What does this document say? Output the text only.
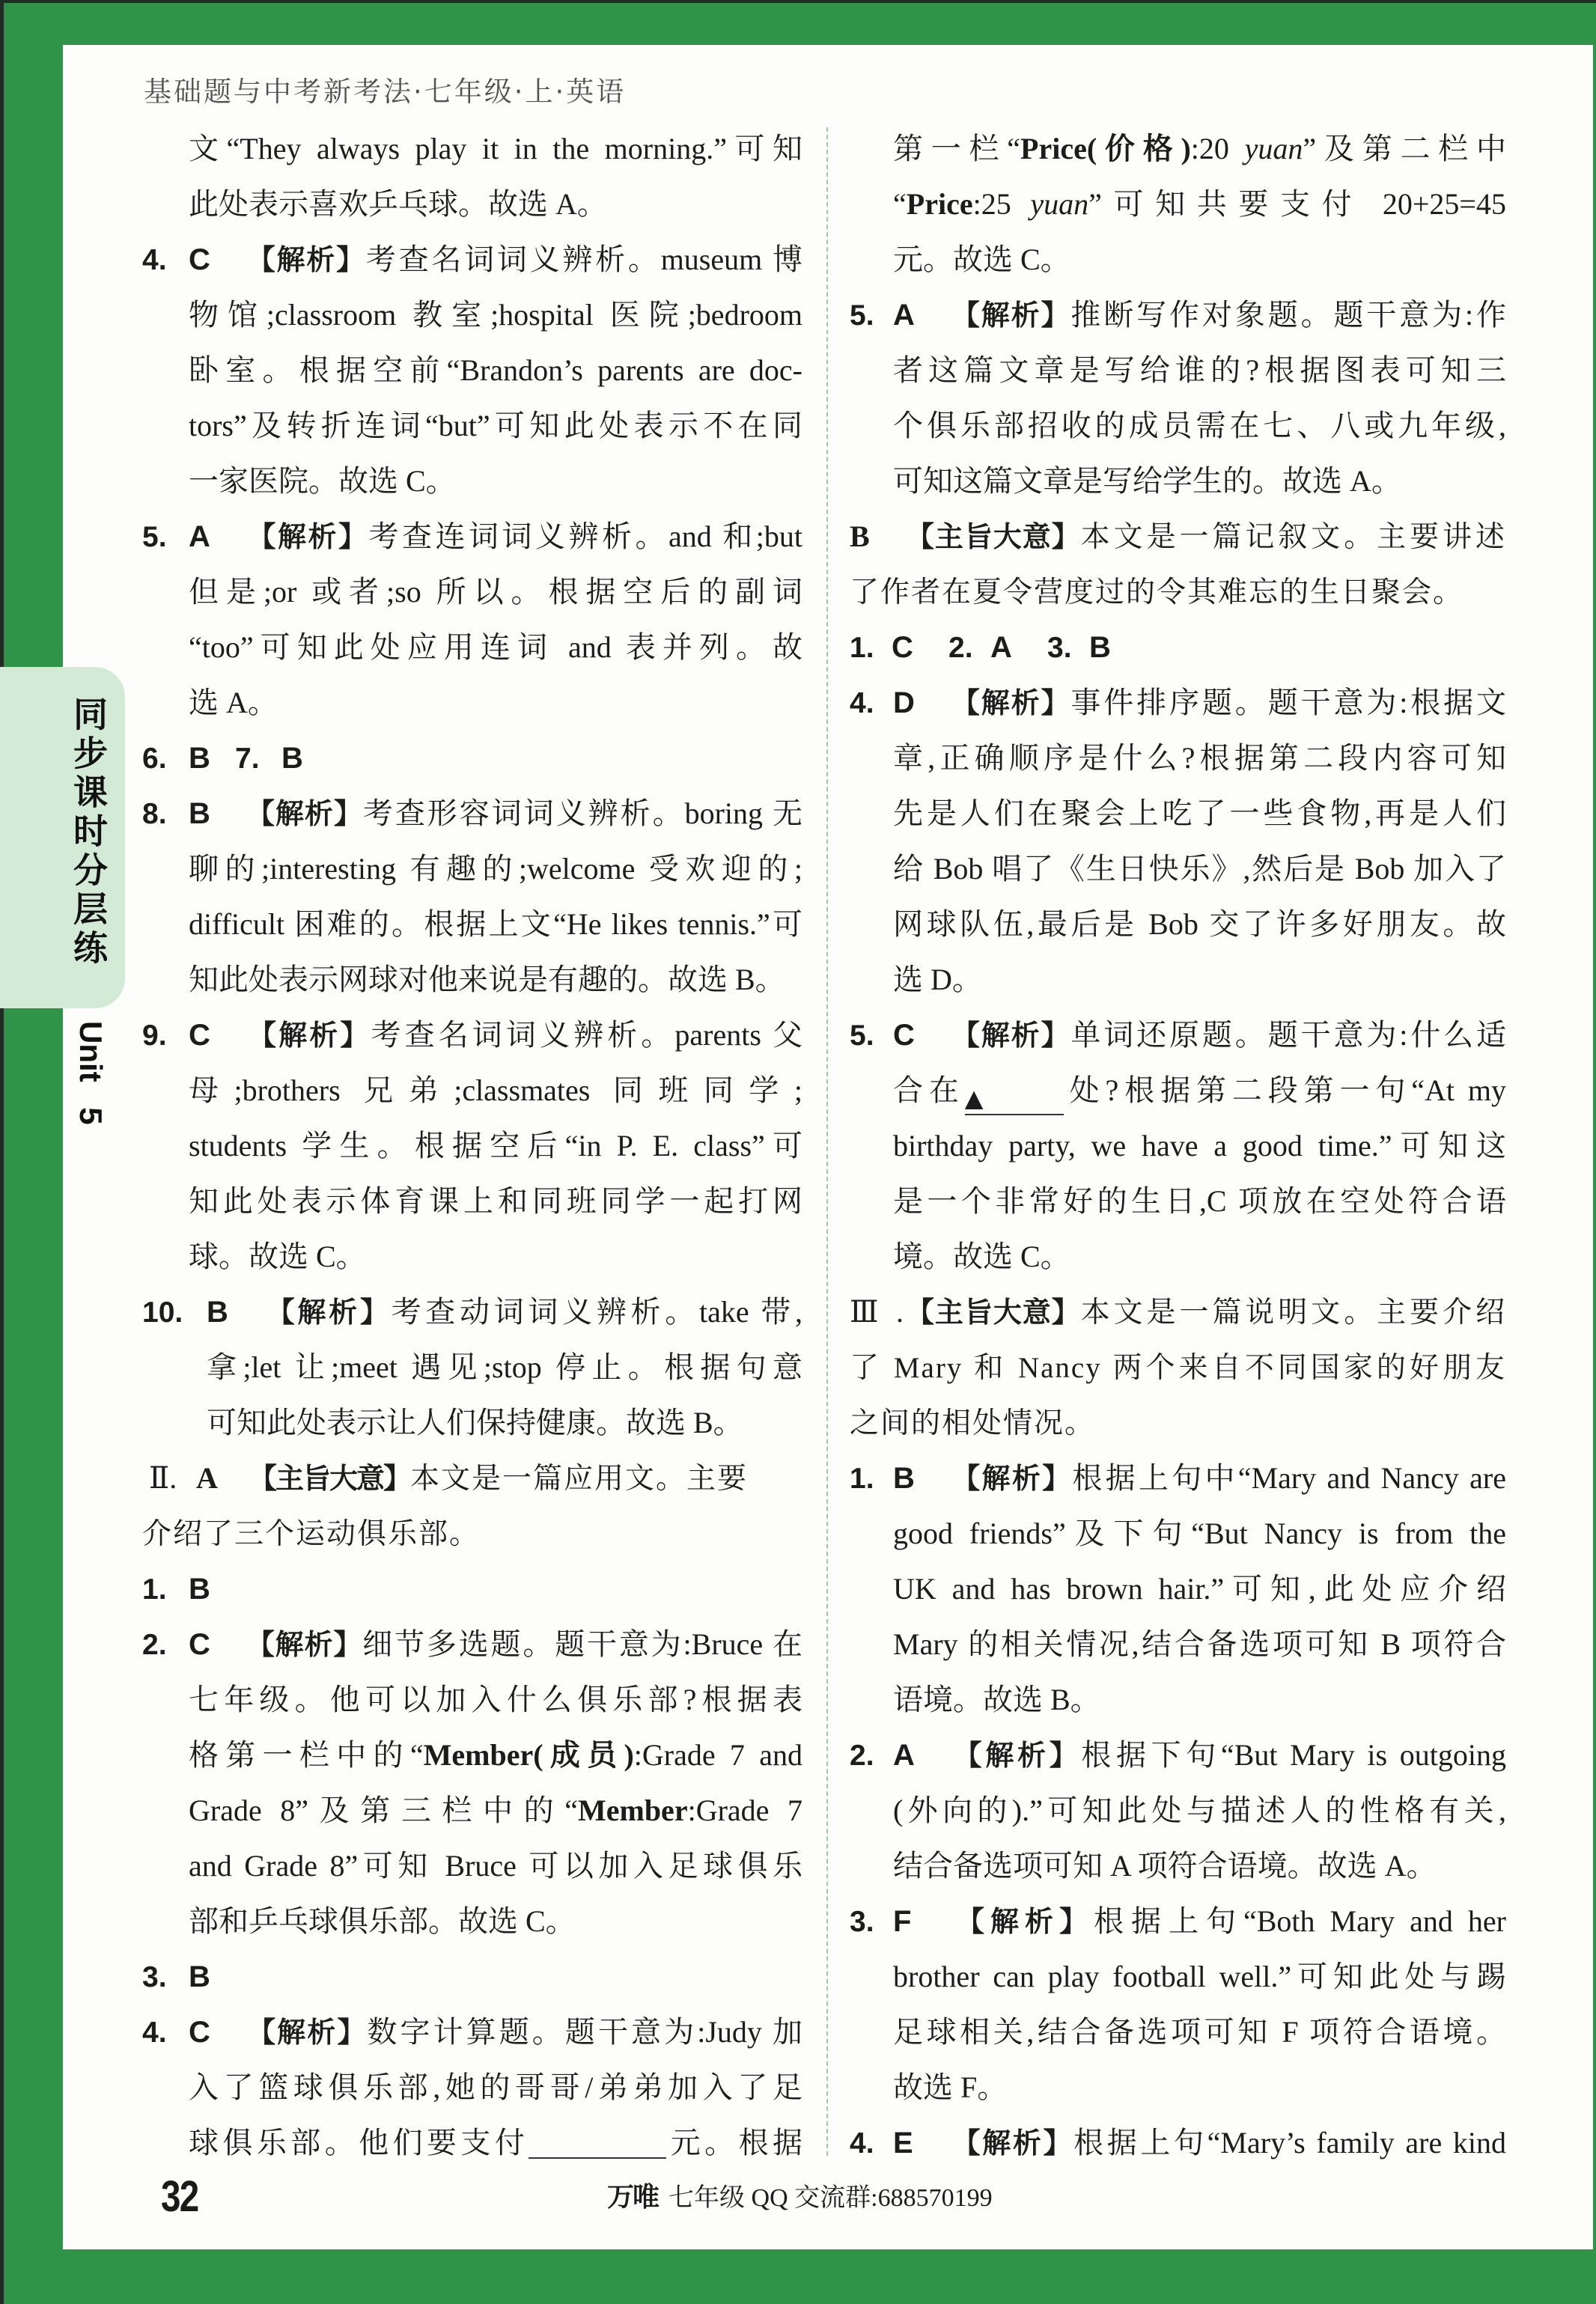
基础题与中考新考法·七年级·上·英语
同步课时分层练
Unit 5
文“They always play it in the morning.”可知
此处表示喜欢乒乓球。故选 A。
4. C 【解析】考查名词词义辨析。museum 博
物馆;classroom 教室;hospital 医院;bedroom
卧室。根据空前“Brandon’s parents are doc-
tors”及转折连词“but”可知此处表示不在同
一家医院。故选 C。
5. A 【解析】考查连词词义辨析。and 和;but
但是;or 或者;so 所以。根据空后的副词
“too”可知此处应用连词 and 表并列。故
选 A。
6. B 7. B
8. B 【解析】考查形容词词义辨析。boring 无
聊的;interesting 有趣的;welcome 受欢迎的;
difficult 困难的。根据上文“He likes tennis.”可
知此处表示网球对他来说是有趣的。故选 B。
9. C 【解析】考查名词词义辨析。parents 父
母;brothers 兄弟;classmates 同班同学;
students 学生。根据空后“in P. E. class”可
知此处表示体育课上和同班同学一起打网
球。故选 C。
10. B 【解析】考查动词词义辨析。take 带,
拿;let 让;meet 遇见;stop 停止。根据句意
可知此处表示让人们保持健康。故选 B。
Ⅱ. A 【主旨大意】本文是一篇应用文。主要
介绍了三个运动俱乐部。
1. B
2. C 【解析】细节多选题。题干意为:Bruce 在
七年级。他可以加入什么俱乐部?根据表
格第一栏中的“Member(成员):Grade 7 and
Grade 8”及第三栏中的“Member:Grade 7
and Grade 8”可知 Bruce 可以加入足球俱乐
部和乒乓球俱乐部。故选 C。
3. B
4. C 【解析】数字计算题。题干意为:Judy 加
入了篮球俱乐部,她的哥哥/弟弟加入了足
球俱乐部。他们要支付	元。根据
第一栏“Price(价格):20 yuan”及第二栏中
“Price:25 yuan”可知共要支付 20+25=45
元。故选 C。
5. A 【解析】推断写作对象题。题干意为:作
者这篇文章是写给谁的?根据图表可知三
个俱乐部招收的成员需在七、八或九年级,
可知这篇文章是写给学生的。故选 A。
B 【主旨大意】本文是一篇记叙文。主要讲述
了作者在夏令营度过的令其难忘的生日聚会。
1. C 2. A 3. B
4. D 【解析】事件排序题。题干意为:根据文
章,正确顺序是什么?根据第二段内容可知
先是人们在聚会上吃了一些食物,再是人们
给 Bob 唱了《生日快乐》,然后是 Bob 加入了
网球队伍,最后是 Bob 交了许多好朋友。故
选 D。
5. C 【解析】单词还原题。题干意为:什么适
合在▲	处?根据第二段第一句“At my
birthday party, we have a good time.”可知这
是一个非常好的生日,C 项放在空处符合语
境。故选 C。
Ⅲ.【主旨大意】本文是一篇说明文。主要介绍
了 Mary 和 Nancy 两个来自不同国家的好朋友
之间的相处情况。
1. B 【解析】根据上句中“Mary and Nancy are
good friends”及下句“But Nancy is from the
UK and has brown hair.”可知,此处应介绍
Mary 的相关情况,结合备选项可知 B 项符合
语境。故选 B。
2. A 【解析】根据下句“But Mary is outgoing
(外向的).”可知此处与描述人的性格有关,
结合备选项可知 A 项符合语境。故选 A。
3. F 【解析】根据上句“Both Mary and her
brother can play football well.”可知此处与踢
足球相关,结合备选项可知 F 项符合语境。
故选 F。
4. E 【解析】根据上句“Mary’s family are kind
32	万唯 七年级 QQ 交流群:688570199
